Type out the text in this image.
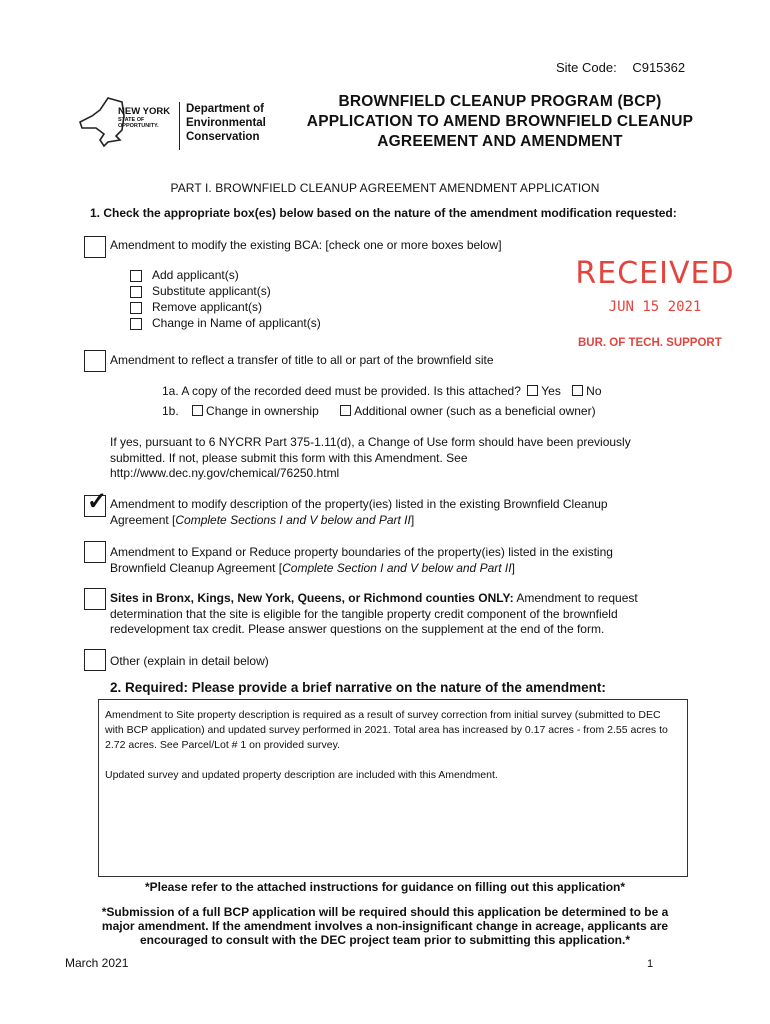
Site Code: C915362
NEW YORK
STATE OF
OPPORTUNITY.
Department of
Environmental
Conservation
BROWNFIELD CLEANUP PROGRAM (BCP)
APPLICATION TO AMEND BROWNFIELD CLEANUP
AGREEMENT AND AMENDMENT
PART I. BROWNFIELD CLEANUP AGREEMENT AMENDMENT APPLICATION
1. Check the appropriate box(es) below based on the nature of the amendment modification requested:
Amendment to modify the existing BCA: [check one or more boxes below]
Add applicant(s)
Substitute applicant(s)
Remove applicant(s)
Change in Name of applicant(s)
RECEIVED
JUN 15 2021
BUR. OF TECH. SUPPORT
Amendment to reflect a transfer of title to all or part of the brownfield site
1a. A copy of the recorded deed must be provided. Is this attached? Yes No
1b. Change in ownership	Additional owner (such as a beneficial owner)
If yes, pursuant to 6 NYCRR Part 375-1.11(d), a Change of Use form should have been previously
submitted. If not, please submit this form with this Amendment. See
http://www.dec.ny.gov/chemical/76250.html
✓ Amendment to modify description of the property(ies) listed in the existing Brownfield Cleanup
Agreement [Complete Sections I and V below and Part II]
Amendment to Expand or Reduce property boundaries of the property(ies) listed in the existing
Brownfield Cleanup Agreement [Complete Section I and V below and Part II]
Sites in Bronx, Kings, New York, Queens, or Richmond counties ONLY: Amendment to request
determination that the site is eligible for the tangible property credit component of the brownfield
redevelopment tax credit. Please answer questions on the supplement at the end of the form.
Other (explain in detail below)
2. Required: Please provide a brief narrative on the nature of the amendment:

Amendment to Site property description is required as a result of survey correction from initial survey (submitted to DEC with BCP application) and updated survey performed in 2021. Total area has increased by 0.17 acres - from 2.55 acres to 2.72 acres. See Parcel/Lot # 1 on provided survey.

Updated survey and updated property description are included with this Amendment.

*Please refer to the attached instructions for guidance on filling out this application*
*Submission of a full BCP application will be required should this application be determined to be a
major amendment. If the amendment involves a non-insignificant change in acreage, applicants are
encouraged to consult with the DEC project team prior to submitting this application.*
March 2021	1
